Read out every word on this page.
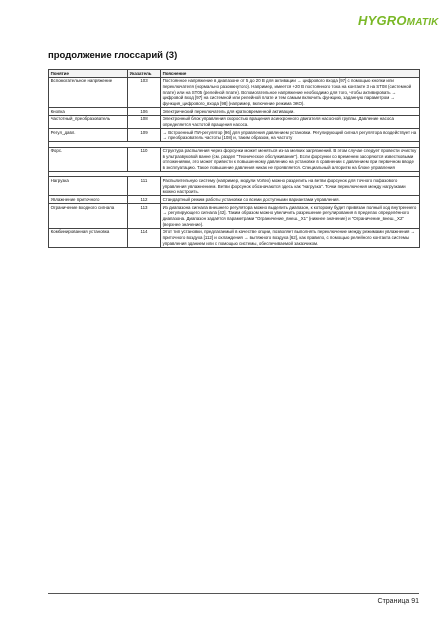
HYGROMATIK
продолжение глоссарий (3)
Понятие	Указатель	Пояснение
Вспомогательное напряжение	103	Постоянное напряжение в диапазоне от 5 до 20 В для активации → цифрового входа [97] с помощью кнопки или переключателя (нормально разомкнутого). Например, имеется +20 В постоянного тока на контакте 3 на ST08 (системной плате) или на ST05 (релейной плате). Вспомогательное напряжение необходимо для того, чтобы активировать → цифровой вход [97] на системной или релейной плате и тем самым включить функцию, заданную параметром → функция_цифрового_входа [98] (например, включение режима ЭКО).
Кнопка	106	Электрический переключатель для кратковременной активации.
Частотный_преобразователь	108	Электронный блок управления скоростью вращения асинхронного двигателя насосной группы. Давление насоса определяется частотой вращения насоса.
Регул_давл.	109	→ Встроенный ПИ-регулятор [96] для управления давлением установки. Регулирующий сигнал регулятора воздействует на → преобразователь частоты [108] и, таким образом, на частоту

Форс.	110	Структура распыления через форсунки может меняться из-за мелких загрязнений. В этом случае следует провести очистку в ультразвуковой ванне (см. раздел "Техническое обслуживание"). Если форсунки со временем засоряются известковыми отложениями, это может привести к повышенному давлению на установке в сравнении с давлением при первичном вводе в эксплуатацию. Такое повышение давления никак не проявляется. Специальный алгоритм на блоке управления

Нагрузка	111	Распылительную систему (например, модули Vortex) можно разделить на ветви форсунок для точного пофазового управления увлажнением. Ветви форсунок обозначаются здесь как "нагрузка". Точки переключения между нагрузками можно настроить.
Увлажнение приточного	112	Стандартный режим работы установки со всеми доступными вариантами управления.
Ограничение входного сигнала	113	Из диапазона сигнала внешнего регулятора можно выделить диапазон, к которому будет привязан полный ход внутреннего → регулирующего сигнала [42]. Таким образом можно увеличить разрешение регулирования в пределах определённого диапазона. Диапазон задаётся параметрами "Ограничение_внеш._X1" (нижнее значение) и "Ограничение_внеш._X2" (верхнее значение).
Комбинированная установка	114	Этот тип установки, предлагаемый в качестве опции, позволяет выполнять переключение между режимами увлажнения → приточного воздуха [112] и охлаждения → вытяжного воздуха [62], как правило, с помощью релейного контакта системы управления зданием или с помощью системы, обеспечиваемой заказчиком.
Страница 91
